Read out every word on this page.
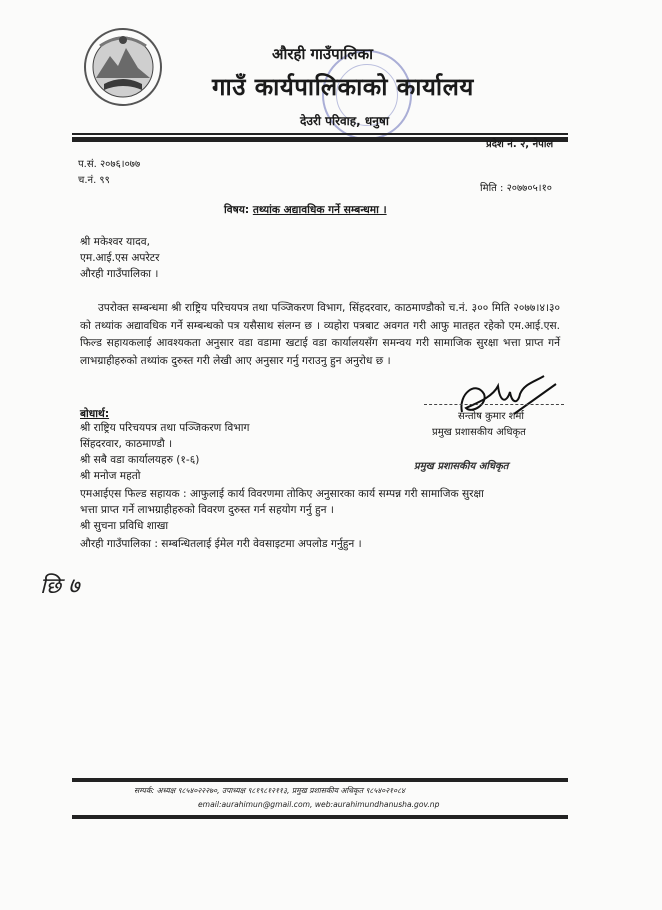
औरही गाउँपालिका
गाउँ कार्यपालिकाको कार्यालय
देउरी परिवाह, धनुषा
प्रदेश नं. २, नेपाल
प.सं. २०७६।०७७
च.नं. ९९
मिति : २०७७०५।१०
विषय: तथ्यांक अद्यावधिक गर्ने सम्बन्धमा ।
श्री मकेश्वर यादव,
एम.आई.एस अपरेटर
औरही गाउँपालिका ।
उपरोक्त सम्बन्धमा श्री राष्ट्रिय परिचयपत्र तथा पञ्जिकरण विभाग, सिंहदरवार, काठमाण्डौको च.नं. ३०० मिति २०७७।४।३० को तथ्यांक अद्यावधिक गर्ने सम्बन्धको पत्र यसैसाथ संलग्न छ । व्यहोरा पत्रबाट अवगत गरी आफु मातहत रहेको एम.आई.एस. फिल्ड सहायकलाई आवश्यकता अनुसार वडा वडामा खटाई वडा कार्यालयसँग समन्वय गरी सामाजिक सुरक्षा भत्ता प्राप्त गर्ने लाभग्राहीहरुको तथ्यांक दुरुस्त गरी लेखी आए अनुसार गर्नु गराउनु हुन अनुरोध छ ।
सन्तोष कुमार शर्मा
प्रमुख प्रशासकीय अधिकृत
प्रमुख प्रशासकीय अधिकृत
बोधार्थ:
श्री राष्ट्रिय परिचयपत्र तथा पञ्जिकरण विभाग
सिंहदरवार, काठमाण्डौ ।
श्री सबै वडा कार्यालयहरु (१-६)
श्री मनोज महतो
एमआईएस फिल्ड सहायक : आफुलाई कार्य विवरणमा तोकिए अनुसारका कार्य सम्पन्न गरी सामाजिक सुरक्षा
भत्ता प्राप्त गर्ने लाभग्राहीहरुको विवरण दुरुस्त गर्न सहयोग गर्नु हुन ।
श्री सुचना प्रविधि शाखा
औरही गाउँपालिका : सम्बन्धितलाई ईमेल गरी वेवसाइटमा अपलोड गर्नुहुन ।
छि ७
सम्पर्क: अध्यक्ष ९८५४०२२२७०, उपाध्यक्ष ९८१९८१२११३, प्रमुख प्रशासकीय अधिकृत ९८५४०२१०८४
email:aurahimun@gmail.com, web:aurahimundhanusha.gov.np
